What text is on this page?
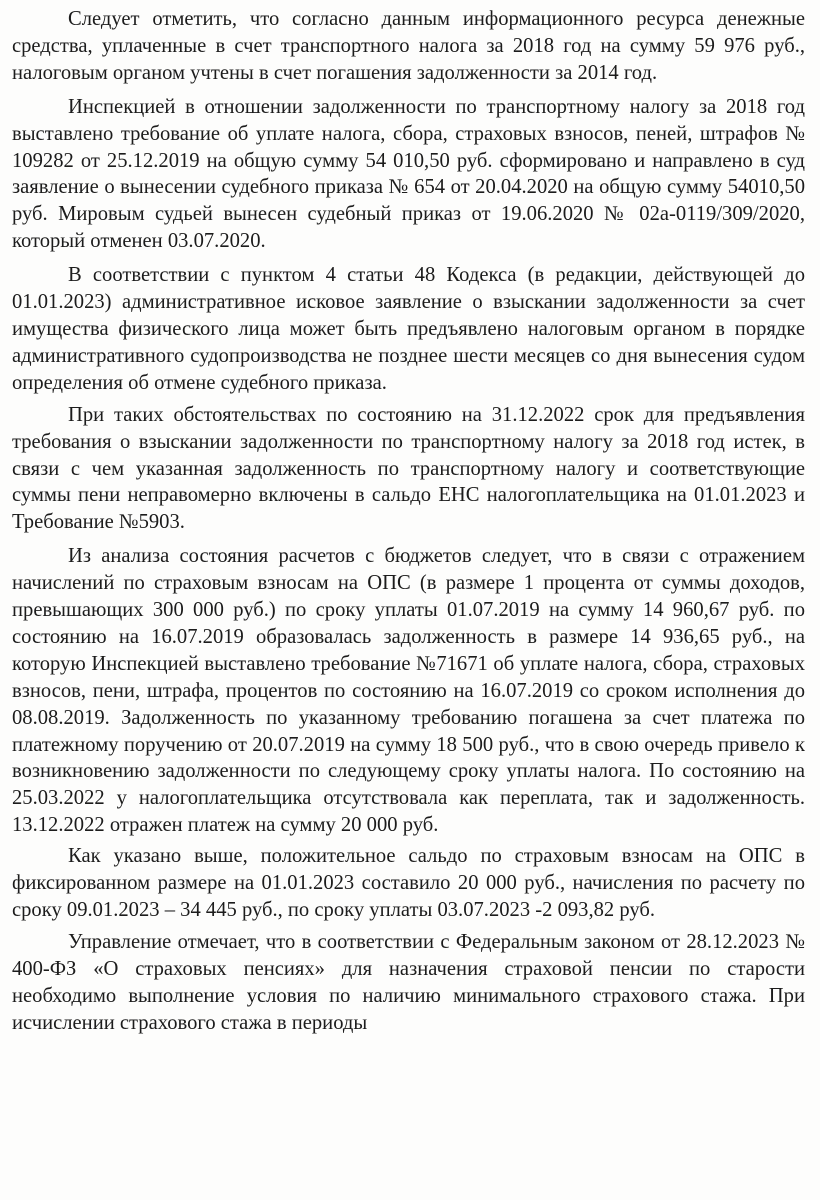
Следует отметить, что согласно данным информационного ресурса денежные средства, уплаченные в счет транспортного налога за 2018 год на сумму 59 976 руб., налоговым органом учтены в счет погашения задолженности за 2014 год.

Инспекцией в отношении задолженности по транспортному налогу за 2018 год выставлено требование об уплате налога, сбора, страховых взносов, пеней, штрафов № 109282 от 25.12.2019 на общую сумму 54 010,50 руб. сформировано и направлено в суд заявление о вынесении судебного приказа № 654 от 20.04.2020 на общую сумму 54010,50 руб. Мировым судьей вынесен судебный приказ от 19.06.2020 № 02а-0119/309/2020, который отменен 03.07.2020.

В соответствии с пунктом 4 статьи 48 Кодекса (в редакции, действующей до 01.01.2023) административное исковое заявление о взыскании задолженности за счет имущества физического лица может быть предъявлено налоговым органом в порядке административного судопроизводства не позднее шести месяцев со дня вынесения судом определения об отмене судебного приказа.

При таких обстоятельствах по состоянию на 31.12.2022 срок для предъявления требования о взыскании задолженности по транспортному налогу за 2018 год истек, в связи с чем указанная задолженность по транспортному налогу и соответствующие суммы пени неправомерно включены в сальдо ЕНС налогоплательщика на 01.01.2023 и Требование №5903.

Из анализа состояния расчетов с бюджетов следует, что в связи с отражением начислений по страховым взносам на ОПС (в размере 1 процента от суммы доходов, превышающих 300 000 руб.) по сроку уплаты 01.07.2019 на сумму 14 960,67 руб. по состоянию на 16.07.2019 образовалась задолженность в размере 14 936,65 руб., на которую Инспекцией выставлено требование №71671 об уплате налога, сбора, страховых взносов, пени, штрафа, процентов по состоянию на 16.07.2019 со сроком исполнения до 08.08.2019. Задолженность по указанному требованию погашена за счет платежа по платежному поручению от 20.07.2019 на сумму 18 500 руб., что в свою очередь привело к возникновению задолженности по следующему сроку уплаты налога. По состоянию на 25.03.2022 у налогоплательщика отсутствовала как переплата, так и задолженность. 13.12.2022 отражен платеж на сумму 20 000 руб.

Как указано выше, положительное сальдо по страховым взносам на ОПС в фиксированном размере на 01.01.2023 составило 20 000 руб., начисления по расчету по сроку 09.01.2023 – 34 445 руб., по сроку уплаты 03.07.2023 -2 093,82 руб.

Управление отмечает, что в соответствии с Федеральным законом от 28.12.2023 № 400-ФЗ «О страховых пенсиях» для назначения страховой пенсии по старости необходимо выполнение условия по наличию минимального страхового стажа. При исчислении страхового стажа в периоды
